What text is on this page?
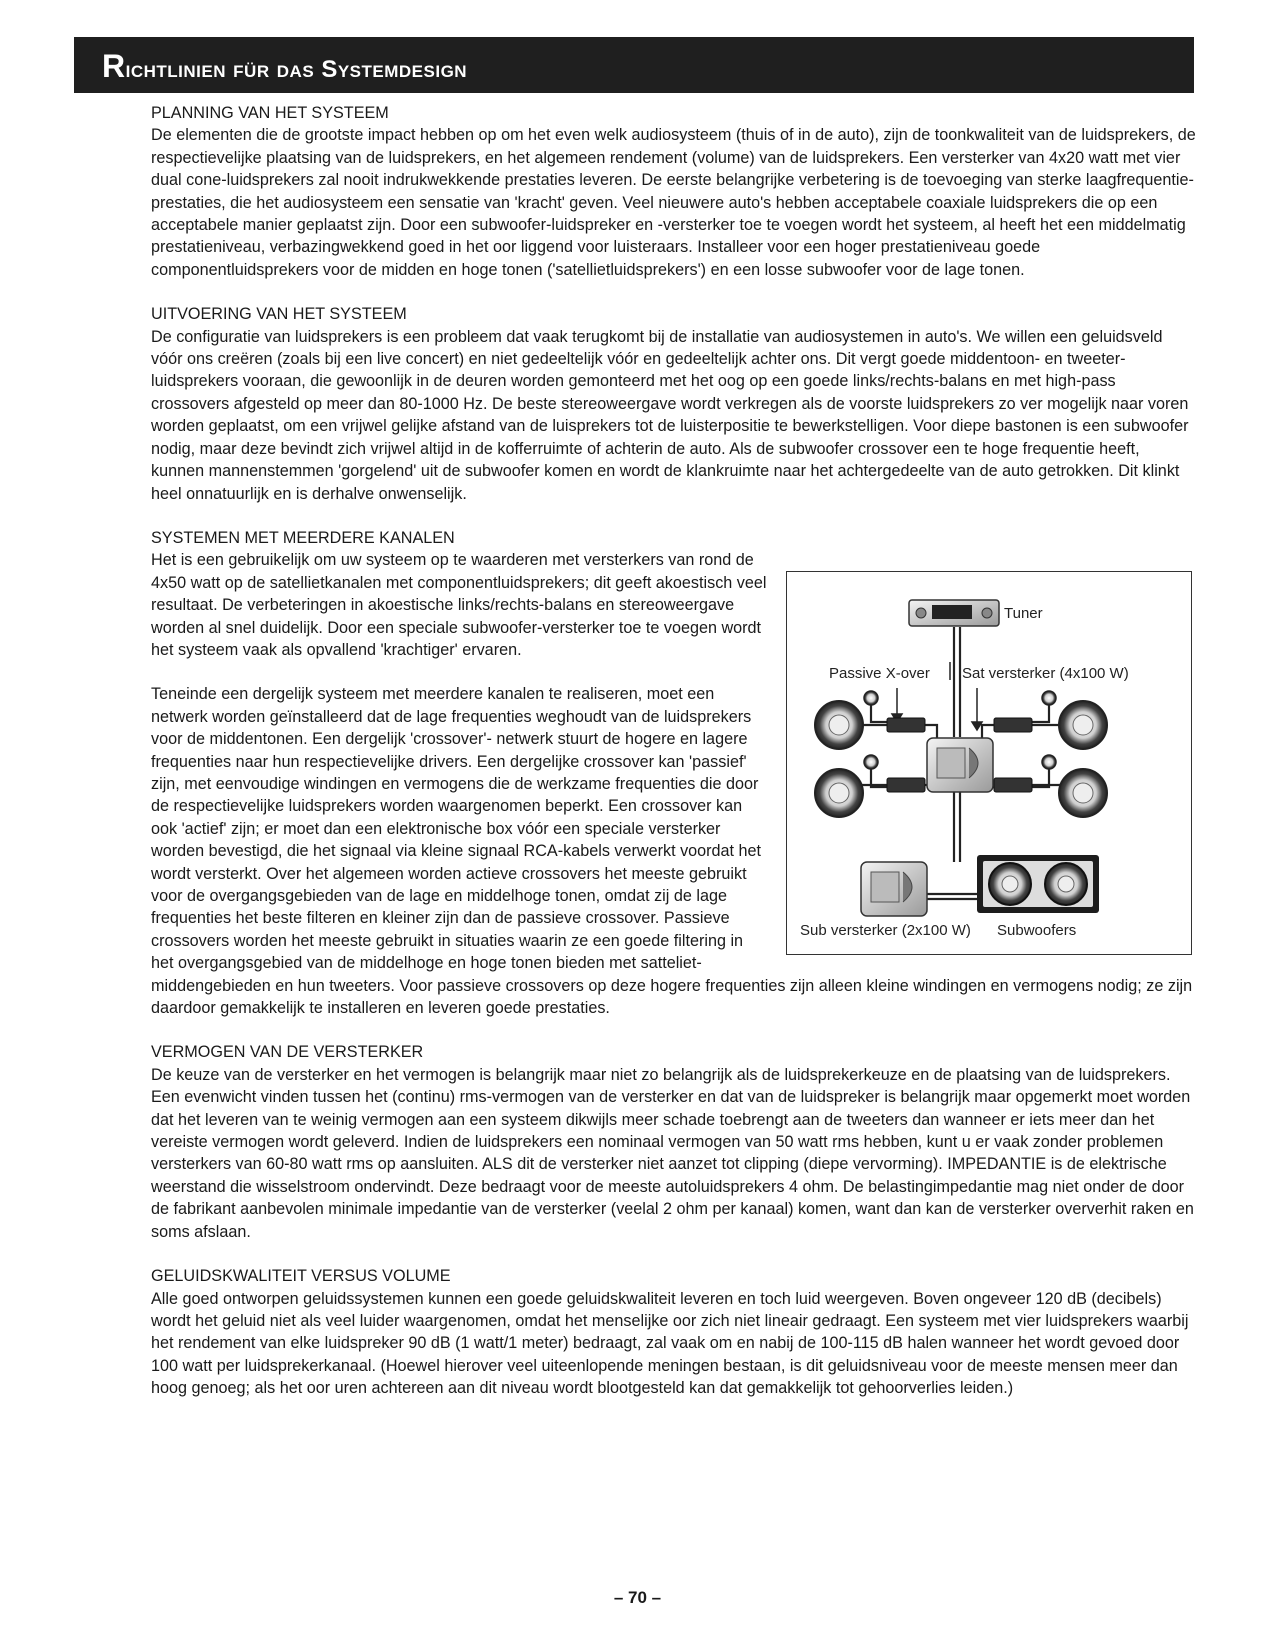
Richtlinien für das Systemdesign
PLANNING VAN HET SYSTEEM

De elementen die de grootste impact hebben op om het even welk audiosysteem (thuis of in de auto), zijn de toonkwaliteit van de luidsprekers, de respectievelijke plaatsing van de luidsprekers, en het algemeen rendement (volume) van de luidsprekers. Een versterker van 4x20 watt met vier dual cone-luidsprekers zal nooit indrukwekkende prestaties leveren. De eerste belangrijke verbetering is de toevoeging van sterke laagfrequentie-prestaties, die het audiosysteem een sensatie van 'kracht' geven. Veel nieuwere auto's hebben acceptabele coaxiale luidsprekers die op een acceptabele manier geplaatst zijn. Door een subwoofer-luidspreker en -versterker toe te voegen wordt het systeem, al heeft het een middelmatig prestatieniveau, verbazingwekkend goed in het oor liggend voor luisteraars. Installeer voor een hoger prestatieniveau goede componentluidsprekers voor de midden en hoge tonen ('satellietluidsprekers') en een losse subwoofer voor de lage tonen.

UITVOERING VAN HET SYSTEEM

De configuratie van luidsprekers is een probleem dat vaak terugkomt bij de installatie van audiosystemen in auto's. We willen een geluidsveld vóór ons creëren (zoals bij een live concert) en niet gedeeltelijk vóór en gedeeltelijk achter ons. Dit vergt goede middentoon- en tweeter-luidsprekers vooraan, die gewoonlijk in de deuren worden gemonteerd met het oog op een goede links/rechts-balans en met high-pass crossovers afgesteld op meer dan 80-1000 Hz. De beste stereoweergave wordt verkregen als de voorste luidsprekers zo ver mogelijk naar voren worden geplaatst, om een vrijwel gelijke afstand van de luisprekers tot de luisterpositie te bewerkstelligen. Voor diepe bastonen is een subwoofer nodig, maar deze bevindt zich vrijwel altijd in de kofferruimte of achterin de auto. Als de subwoofer crossover een te hoge frequentie heeft, kunnen mannenstemmen 'gorgelend' uit de subwoofer komen en wordt de klankruimte naar het achtergedeelte van de auto getrokken. Dit klinkt heel onnatuurlijk en is derhalve onwenselijk.

SYSTEMEN MET MEERDERE KANALEN
Tuner
Passive X-over Sat versterker (4x100 W)
Sub versterker (2x100 W) Subwoofers

Het is een gebruikelijk om uw systeem op te waarderen met versterkers van rond de 4x50 watt op de satellietkanalen met componentluidsprekers; dit geeft akoestisch veel resultaat. De verbeteringen in akoestische links/rechts-balans en stereoweergave worden al snel duidelijk. Door een speciale subwoofer-versterker toe te voegen wordt het systeem vaak als opvallend 'krachtiger' ervaren.

Teneinde een dergelijk systeem met meerdere kanalen te realiseren, moet een netwerk worden geïnstalleerd dat de lage frequenties weghoudt van de luidsprekers voor de middentonen. Een dergelijk 'crossover'- netwerk stuurt de hogere en lagere frequenties naar hun respectievelijke drivers. Een dergelijke crossover kan 'passief' zijn, met eenvoudige windingen en vermogens die de werkzame frequenties die door de respectievelijke luidsprekers worden waargenomen beperkt. Een crossover kan ook 'actief' zijn; er moet dan een elektronische box vóór een speciale versterker worden bevestigd, die het signaal via kleine signaal RCA-kabels verwerkt voordat het wordt versterkt. Over het algemeen worden actieve crossovers het meeste gebruikt voor de overgangsgebieden van de lage en middelhoge tonen, omdat zij de lage frequenties het beste filteren en kleiner zijn dan de passieve crossover. Passieve crossovers worden het meeste gebruikt in situaties waarin ze een goede filtering in het overgangsgebied van de middelhoge en hoge tonen bieden met satteliet-middengebieden en hun tweeters. Voor passieve crossovers op deze hogere frequenties zijn alleen kleine windingen en vermogens nodig; ze zijn daardoor gemakkelijk te installeren en leveren goede prestaties.

VERMOGEN VAN DE VERSTERKER

De keuze van de versterker en het vermogen is belangrijk maar niet zo belangrijk als de luidsprekerkeuze en de plaatsing van de luidsprekers. Een evenwicht vinden tussen het (continu) rms-vermogen van de versterker en dat van de luidspreker is belangrijk maar opgemerkt moet worden dat het leveren van te weinig vermogen aan een systeem dikwijls meer schade toebrengt aan de tweeters dan wanneer er iets meer dan het vereiste vermogen wordt geleverd. Indien de luidsprekers een nominaal vermogen van 50 watt rms hebben, kunt u er vaak zonder problemen versterkers van 60-80 watt rms op aansluiten. ALS dit de versterker niet aanzet tot clipping (diepe vervorming). IMPEDANTIE is de elektrische weerstand die wisselstroom ondervindt. Deze bedraagt voor de meeste autoluidsprekers 4 ohm. De belastingimpedantie mag niet onder de door de fabrikant aanbevolen minimale impedantie van de versterker (veelal 2 ohm per kanaal) komen, want dan kan de versterker oververhit raken en soms afslaan.

GELUIDSKWALITEIT VERSUS VOLUME

Alle goed ontworpen geluidssystemen kunnen een goede geluidskwaliteit leveren en toch luid weergeven. Boven ongeveer 120 dB (decibels) wordt het geluid niet als veel luider waargenomen, omdat het menselijke oor zich niet lineair gedraagt. Een systeem met vier luidsprekers waarbij het rendement van elke luidspreker 90 dB (1 watt/1 meter) bedraagt, zal vaak om en nabij de 100-115 dB halen wanneer het wordt gevoed door 100 watt per luidsprekerkanaal. (Hoewel hierover veel uiteenlopende meningen bestaan, is dit geluidsniveau voor de meeste mensen meer dan hoog genoeg; als het oor uren achtereen aan dit niveau wordt blootgesteld kan dat gemakkelijk tot gehoorverlies leiden.)

– 70 –
